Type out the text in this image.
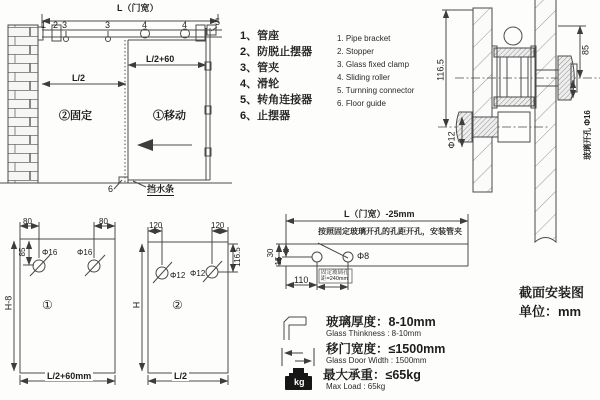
L（门宽）
1 2 3	3	4	4	5
L/2+60
L/2
②固定	①移动
6	挡水条
1、管座
2、防脱止摆器
3、管夹
4、滑轮
5、转角连接器
6、止摆器
1. Pipe bracket
2. Stopper
3. Glass fixed clamp
4. Sliding roller
5. Turnning connector
6. Floor guide
116.5
85
玻璃开孔 Φ16
Φ12
截面安装图
单位：mm
80	80
85 Φ16 Φ16
H-8 ①
L/2+60mm
120	120
116.5
Φ12 Φ12
H	②
L/2
L（门宽）-25mm
按照固定玻璃开孔的孔距开孔，安装管夹
30
15
110
Φ8
固定玻璃孔
距=240mm
玻璃厚度：8-10mm
Glass Thinkness : 8-10mm
移门宽度：≤1500mm
Glass Door Width : 1500mm
最大承重：≤65kg
Max Load : 65kg
kg
